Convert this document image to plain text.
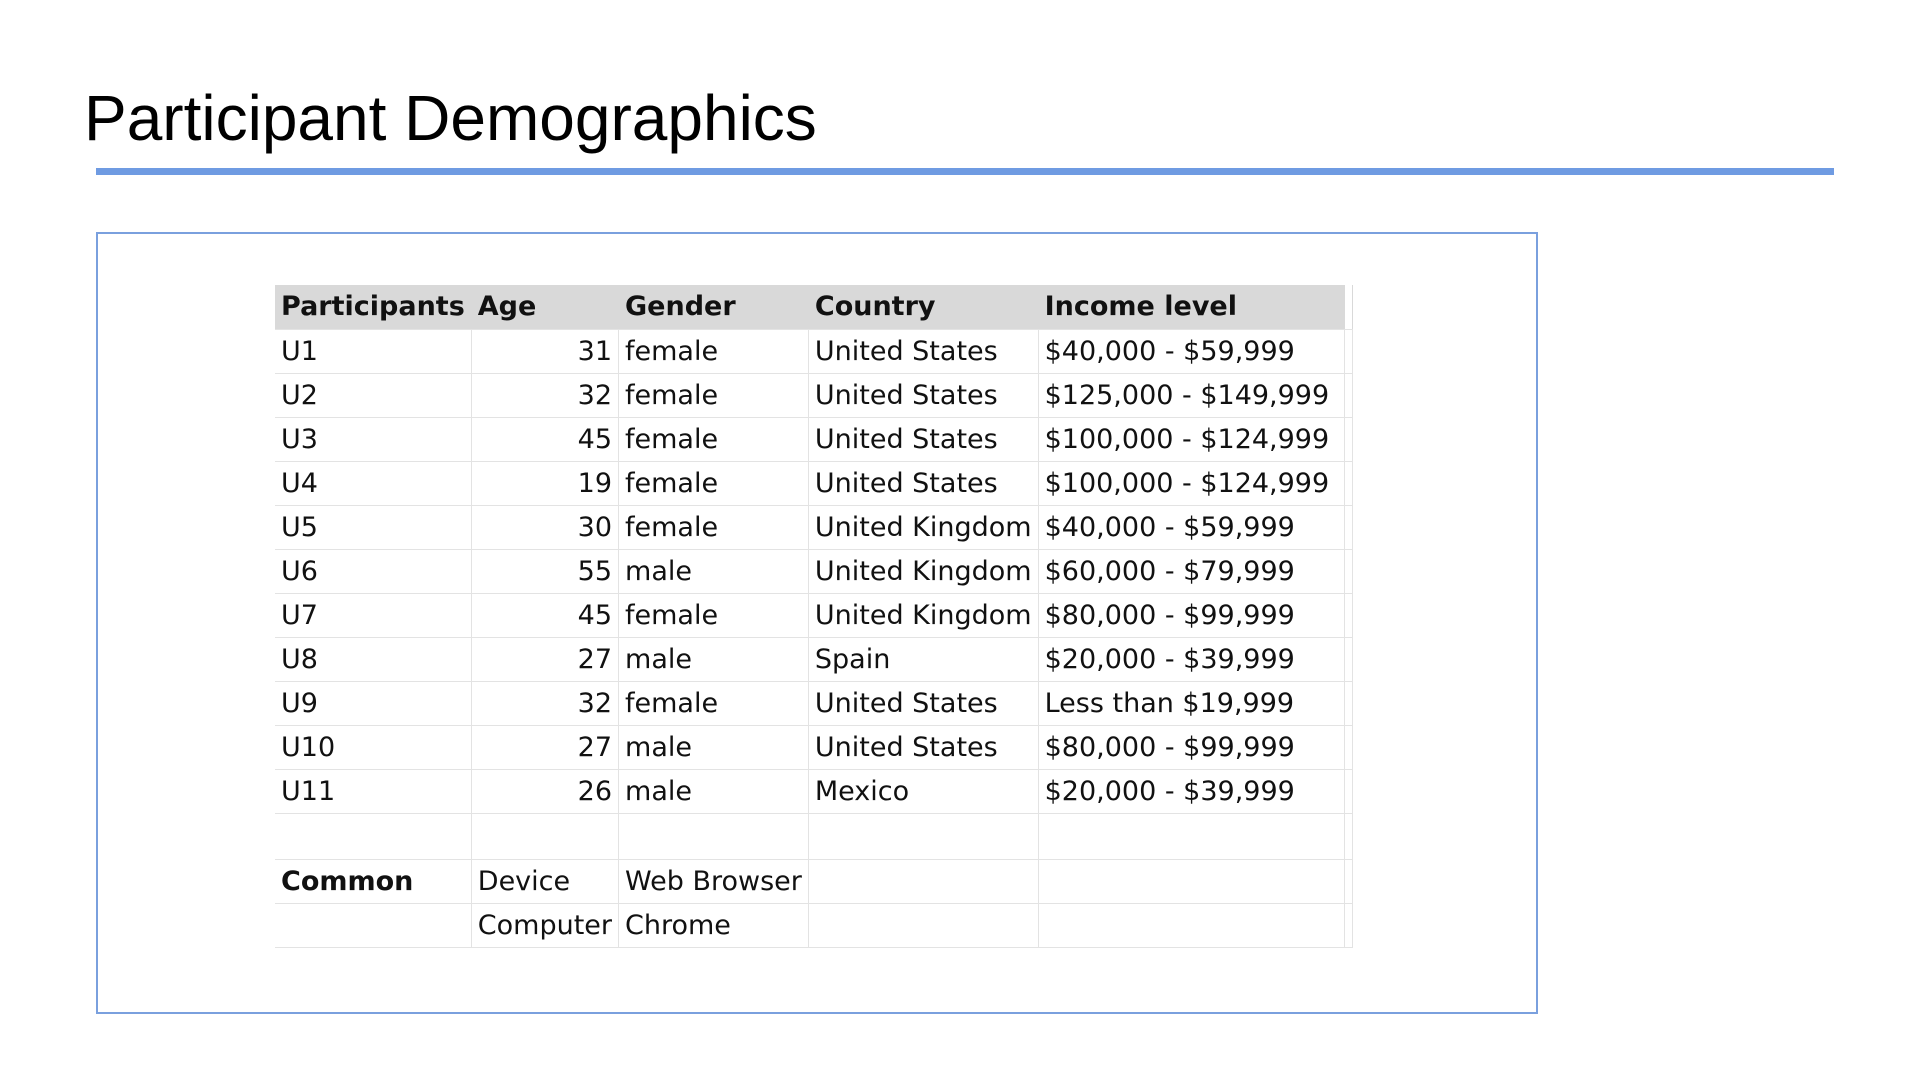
Participant Demographics
Participants	Age	Gender	Country	Income level	
U1	31	female	United States	$40,000 - $59,999	
U2	32	female	United States	$125,000 - $149,999	
U3	45	female	United States	$100,000 - $124,999	
U4	19	female	United States	$100,000 - $124,999	
U5	30	female	United Kingdom	$40,000 - $59,999	
U6	55	male	United Kingdom	$60,000 - $79,999	
U7	45	female	United Kingdom	$80,000 - $99,999	
U8	27	male	Spain	$20,000 - $39,999	
U9	32	female	United States	Less than $19,999	
U10	27	male	United States	$80,000 - $99,999	
U11	26	male	Mexico	$20,000 - $39,999	

Common	Device	Web Browser			
	Computer	Chrome			
